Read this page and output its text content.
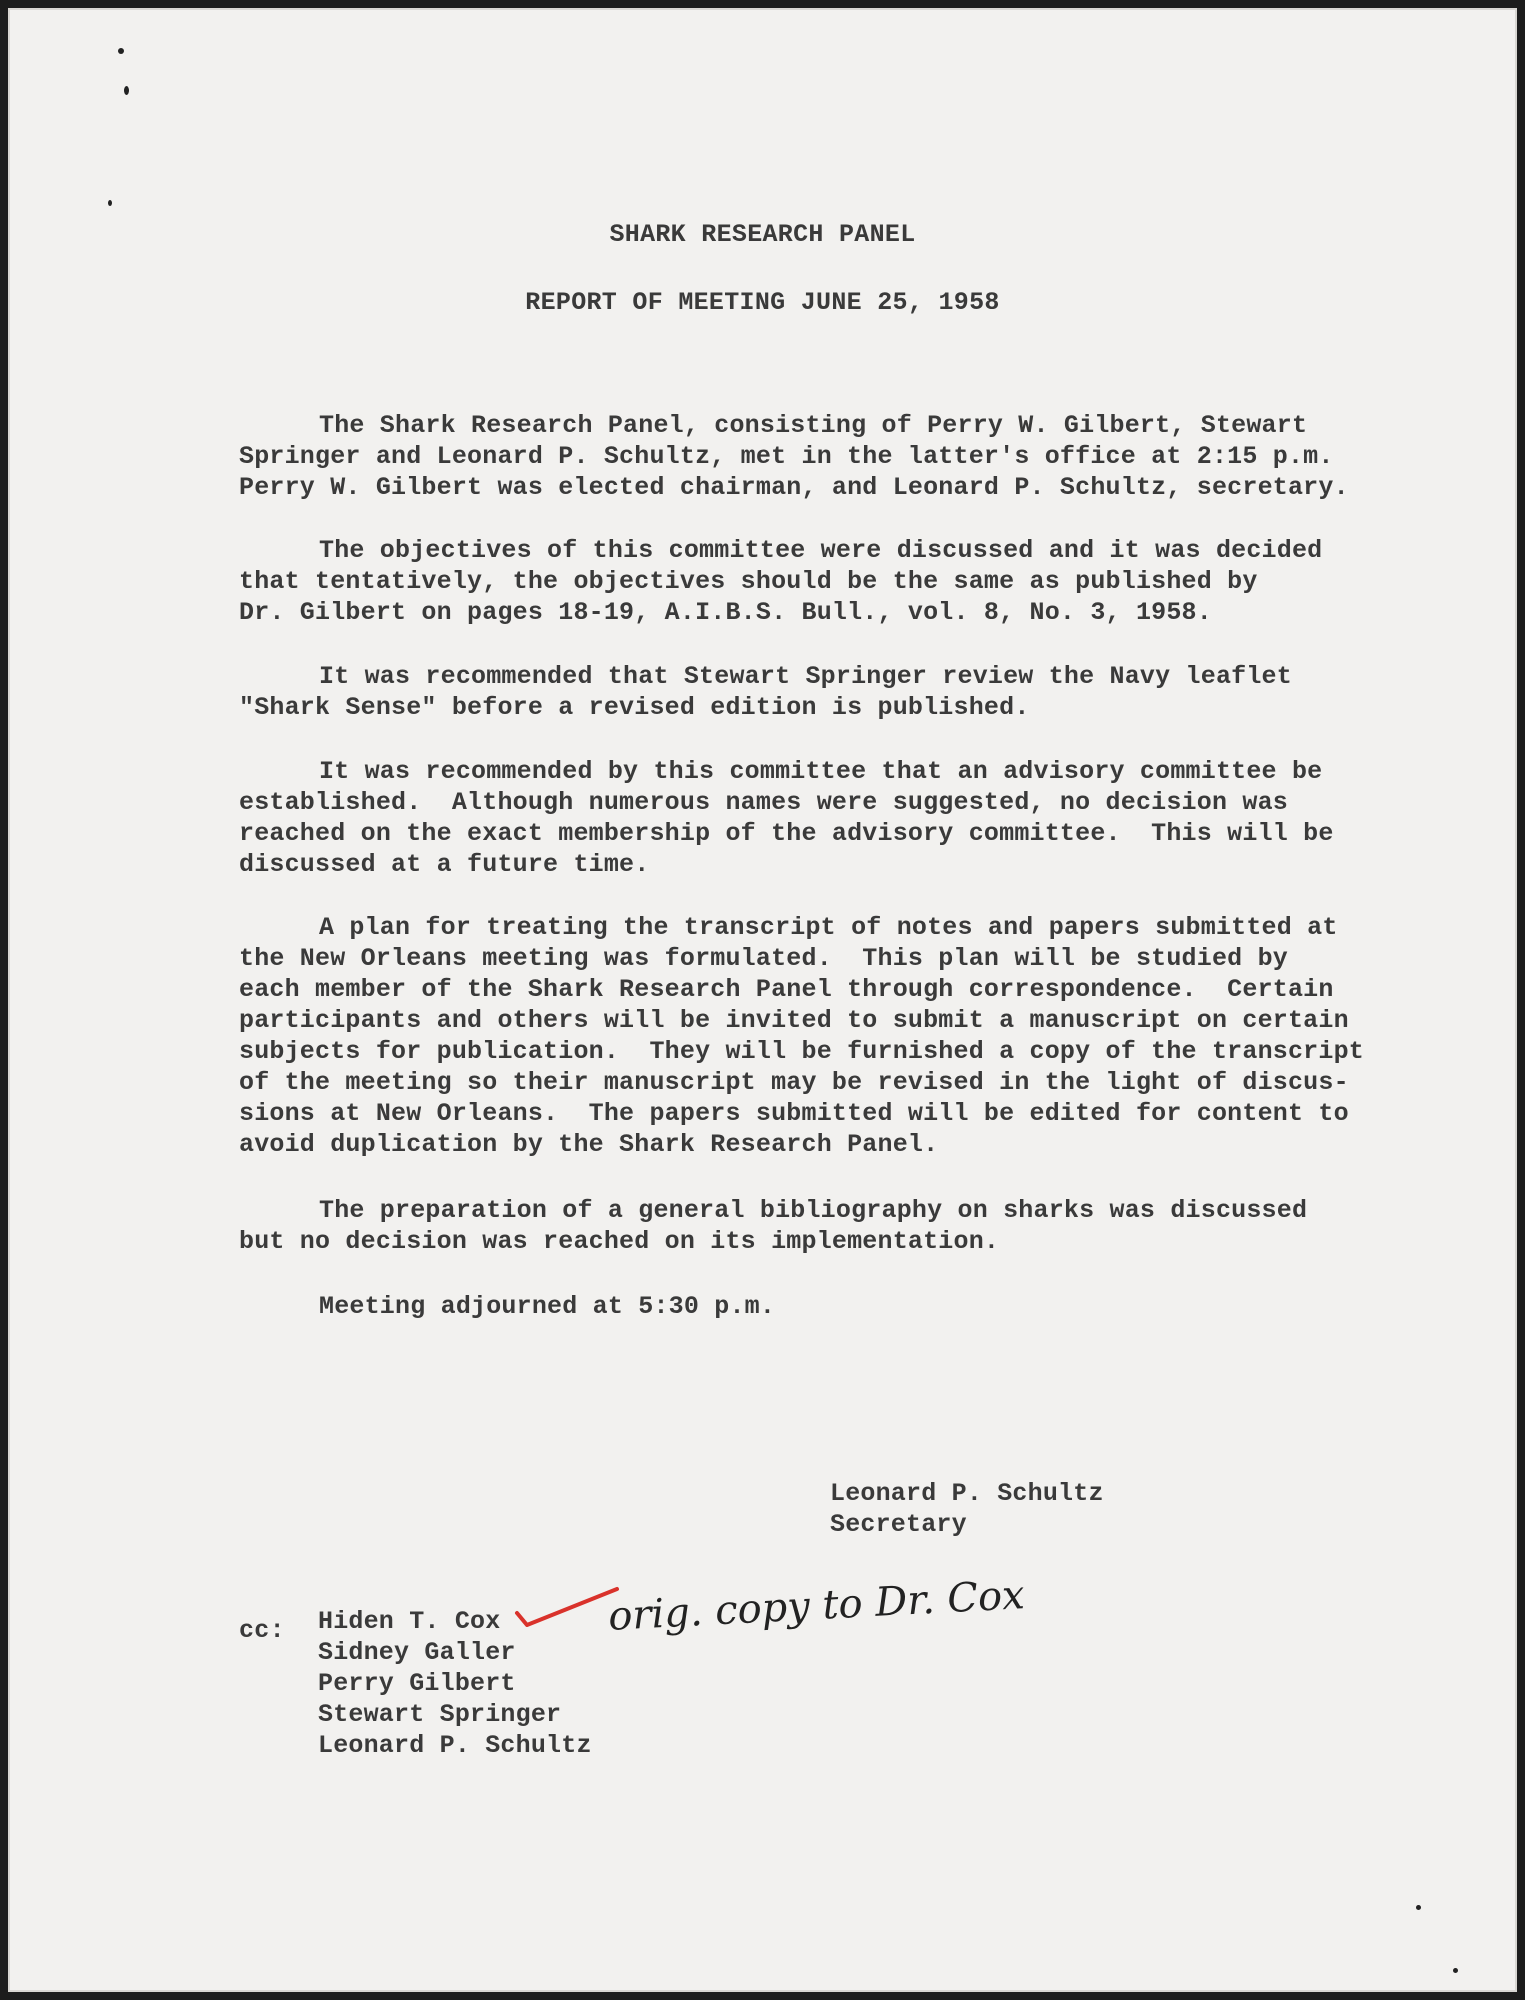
SHARK RESEARCH PANEL
REPORT OF MEETING JUNE 25, 1958
The Shark Research Panel, consisting of Perry W. Gilbert, Stewart
Springer and Leonard P. Schultz, met in the latter's office at 2:15 p.m.
Perry W. Gilbert was elected chairman, and Leonard P. Schultz, secretary.
The objectives of this committee were discussed and it was decided
that tentatively, the objectives should be the same as published by
Dr. Gilbert on pages 18-19, A.I.B.S. Bull., vol. 8, No. 3, 1958.
It was recommended that Stewart Springer review the Navy leaflet
"Shark Sense" before a revised edition is published.
It was recommended by this committee that an advisory committee be
established.  Although numerous names were suggested, no decision was
reached on the exact membership of the advisory committee.  This will be
discussed at a future time.
A plan for treating the transcript of notes and papers submitted at
the New Orleans meeting was formulated.  This plan will be studied by
each member of the Shark Research Panel through correspondence.  Certain
participants and others will be invited to submit a manuscript on certain
subjects for publication.  They will be furnished a copy of the transcript
of the meeting so their manuscript may be revised in the light of discus-
sions at New Orleans.  The papers submitted will be edited for content to
avoid duplication by the Shark Research Panel.
The preparation of a general bibliography on sharks was discussed
but no decision was reached on its implementation.
Meeting adjourned at 5:30 p.m.
Leonard P. Schultz
Secretary
cc: Hiden T. Cox
Sidney Galler
Perry Gilbert
Stewart Springer
Leonard P. Schultz
orig. copy to Dr. Cox
